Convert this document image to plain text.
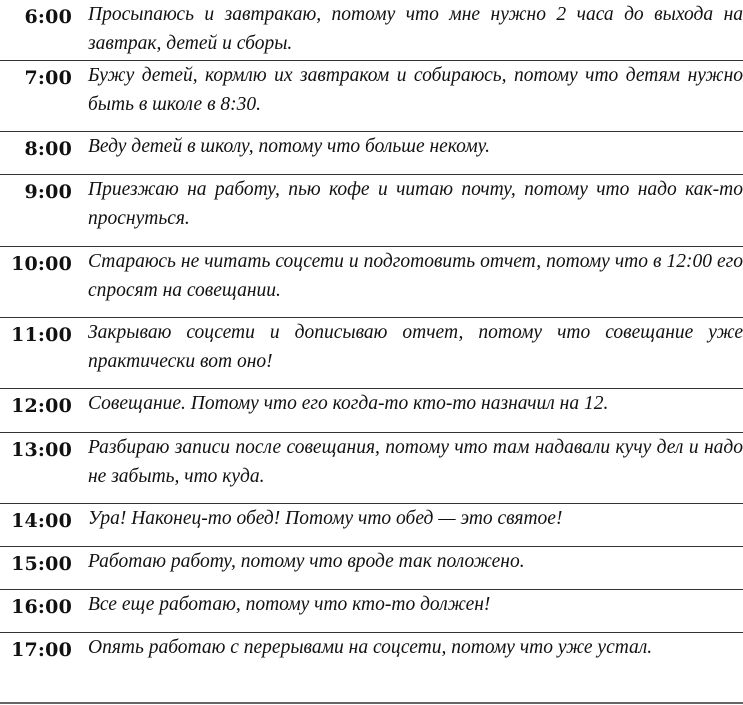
6:00 Просыпаюсь и завтракаю, потому что мне нужно 2 часа до выхода на завтрак, детей и сборы.
7:00 Бужу детей, кормлю их завтраком и собираюсь, потому что детям нужно быть в школе в 8:30.
8:00 Веду детей в школу, потому что больше некому.
9:00 Приезжаю на работу, пью кофе и читаю почту, потому что надо как-то проснуться.
10:00 Стараюсь не читать соцсети и подготовить отчет, потому что в 12:00 его спросят на совещании.
11:00 Закрываю соцсети и дописываю отчет, потому что совещание уже практически вот оно!
12:00 Совещание. Потому что его когда-то кто-то назначил на 12.
13:00 Разбираю записи после совещания, потому что там надавали кучу дел и надо не забыть, что куда.
14:00 Ура! Наконец-то обед! Потому что обед — это святое!
15:00 Работаю работу, потому что вроде так положено.
16:00 Все еще работаю, потому что кто-то должен!
17:00 Опять работаю с перерывами на соцсети, потому что уже устал.
